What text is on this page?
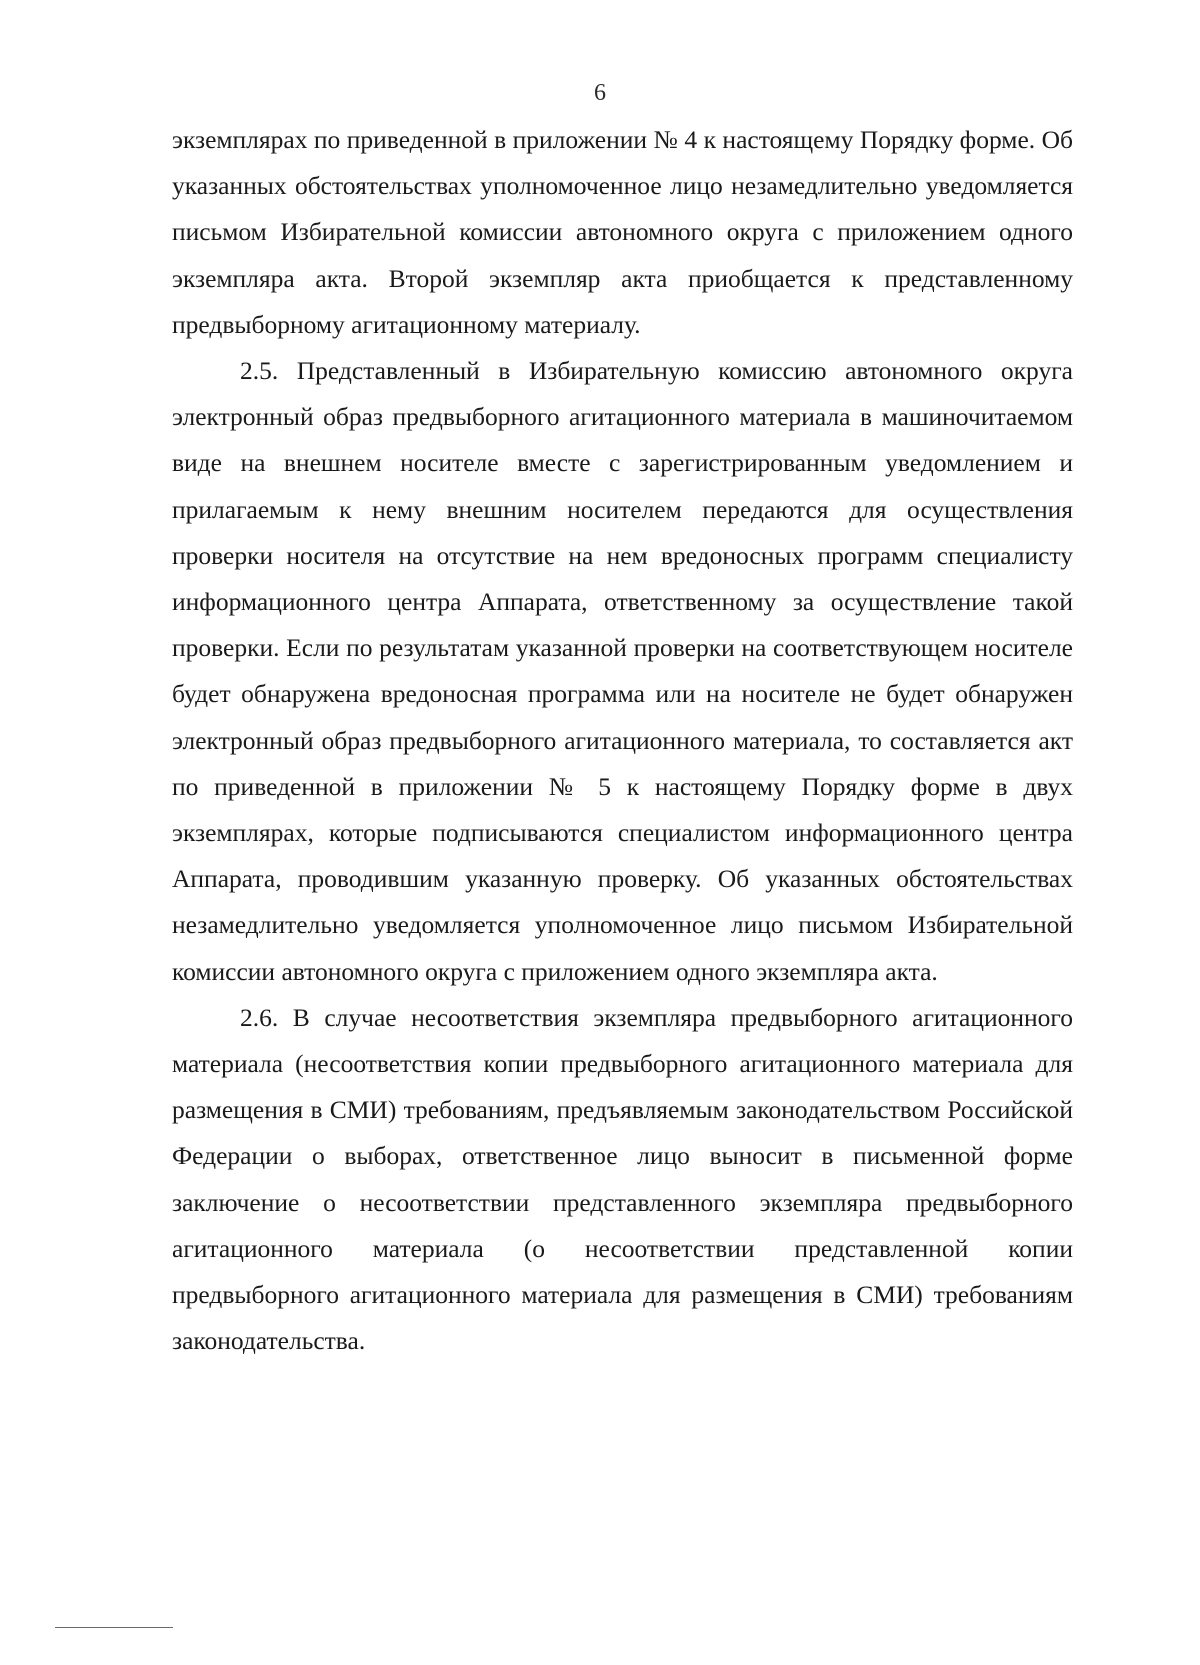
6

экземплярах по приведенной в приложении № 4 к настоящему Порядку форме. Об указанных обстоятельствах уполномоченное лицо незамедлительно уведомляется письмом Избирательной комиссии автономного округа с приложением одного экземпляра акта. Второй экземпляр акта приобщается к представленному предвыборному агитационному материалу.

2.5. Представленный в Избирательную комиссию автономного округа электронный образ предвыборного агитационного материала в машиночитаемом виде на внешнем носителе вместе с зарегистрированным уведомлением и прилагаемым к нему внешним носителем передаются для осуществления проверки носителя на отсутствие на нем вредоносных программ специалисту информационного центра Аппарата, ответственному за осуществление такой проверки. Если по результатам указанной проверки на соответствующем носителе будет обнаружена вредоносная программа или на носителе не будет обнаружен электронный образ предвыборного агитационного материала, то составляется акт по приведенной в приложении № 5 к настоящему Порядку форме в двух экземплярах, которые подписываются специалистом информационного центра Аппарата, проводившим указанную проверку. Об указанных обстоятельствах незамедлительно уведомляется уполномоченное лицо письмом Избирательной комиссии автономного округа с приложением одного экземпляра акта.

2.6. В случае несоответствия экземпляра предвыборного агитационного материала (несоответствия копии предвыборного агитационного материала для размещения в СМИ) требованиям, предъявляемым законодательством Российской Федерации о выборах, ответственное лицо выносит в письменной форме заключение о несоответствии представленного экземпляра предвыборного агитационного материала (о несоответствии представленной копии предвыборного агитационного материала для размещения в СМИ) требованиям законодательства.
